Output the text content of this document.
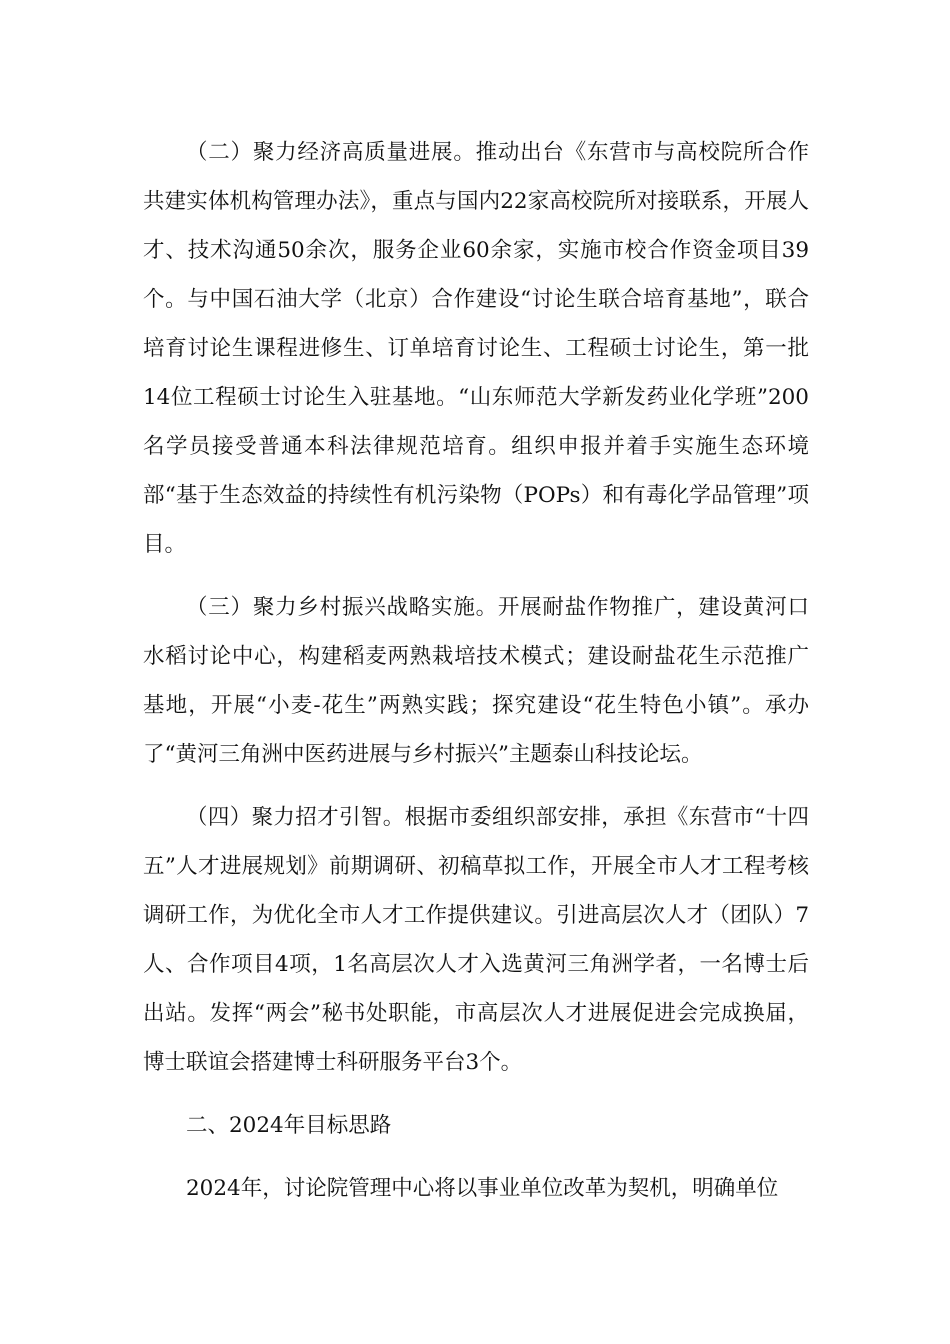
（二）聚力经济高质量进展。推动出台《东营市与高校院所合作共建实体机构管理办法》，重点与国内22家高校院所对接联系，开展人才、技术沟通50余次，服务企业60余家，实施市校合作资金项目39个。与中国石油大学（北京）合作建设“讨论生联合培育基地”，联合培育讨论生课程进修生、订单培育讨论生、工程硕士讨论生，第一批14位工程硕士讨论生入驻基地。“山东师范大学新发药业化学班”200名学员接受普通本科法律规范培育。组织申报并着手实施生态环境部“基于生态效益的持续性有机污染物（POPs）和有毒化学品管理”项目。

（三）聚力乡村振兴战略实施。开展耐盐作物推广，建设黄河口水稻讨论中心，构建稻麦两熟栽培技术模式；建设耐盐花生示范推广基地，开展“小麦-花生”两熟实践；探究建设“花生特色小镇”。承办了“黄河三角洲中医药进展与乡村振兴”主题泰山科技论坛。

（四）聚力招才引智。根据市委组织部安排，承担《东营市“十四五”人才进展规划》前期调研、初稿草拟工作，开展全市人才工程考核调研工作，为优化全市人才工作提供建议。引进高层次人才（团队）7人、合作项目4项，1名高层次人才入选黄河三角洲学者，一名博士后出站。发挥“两会”秘书处职能，市高层次人才进展促进会完成换届，博士联谊会搭建博士科研服务平台3个。

二、2024年目标思路

2024年，讨论院管理中心将以事业单位改革为契机，明确单位
